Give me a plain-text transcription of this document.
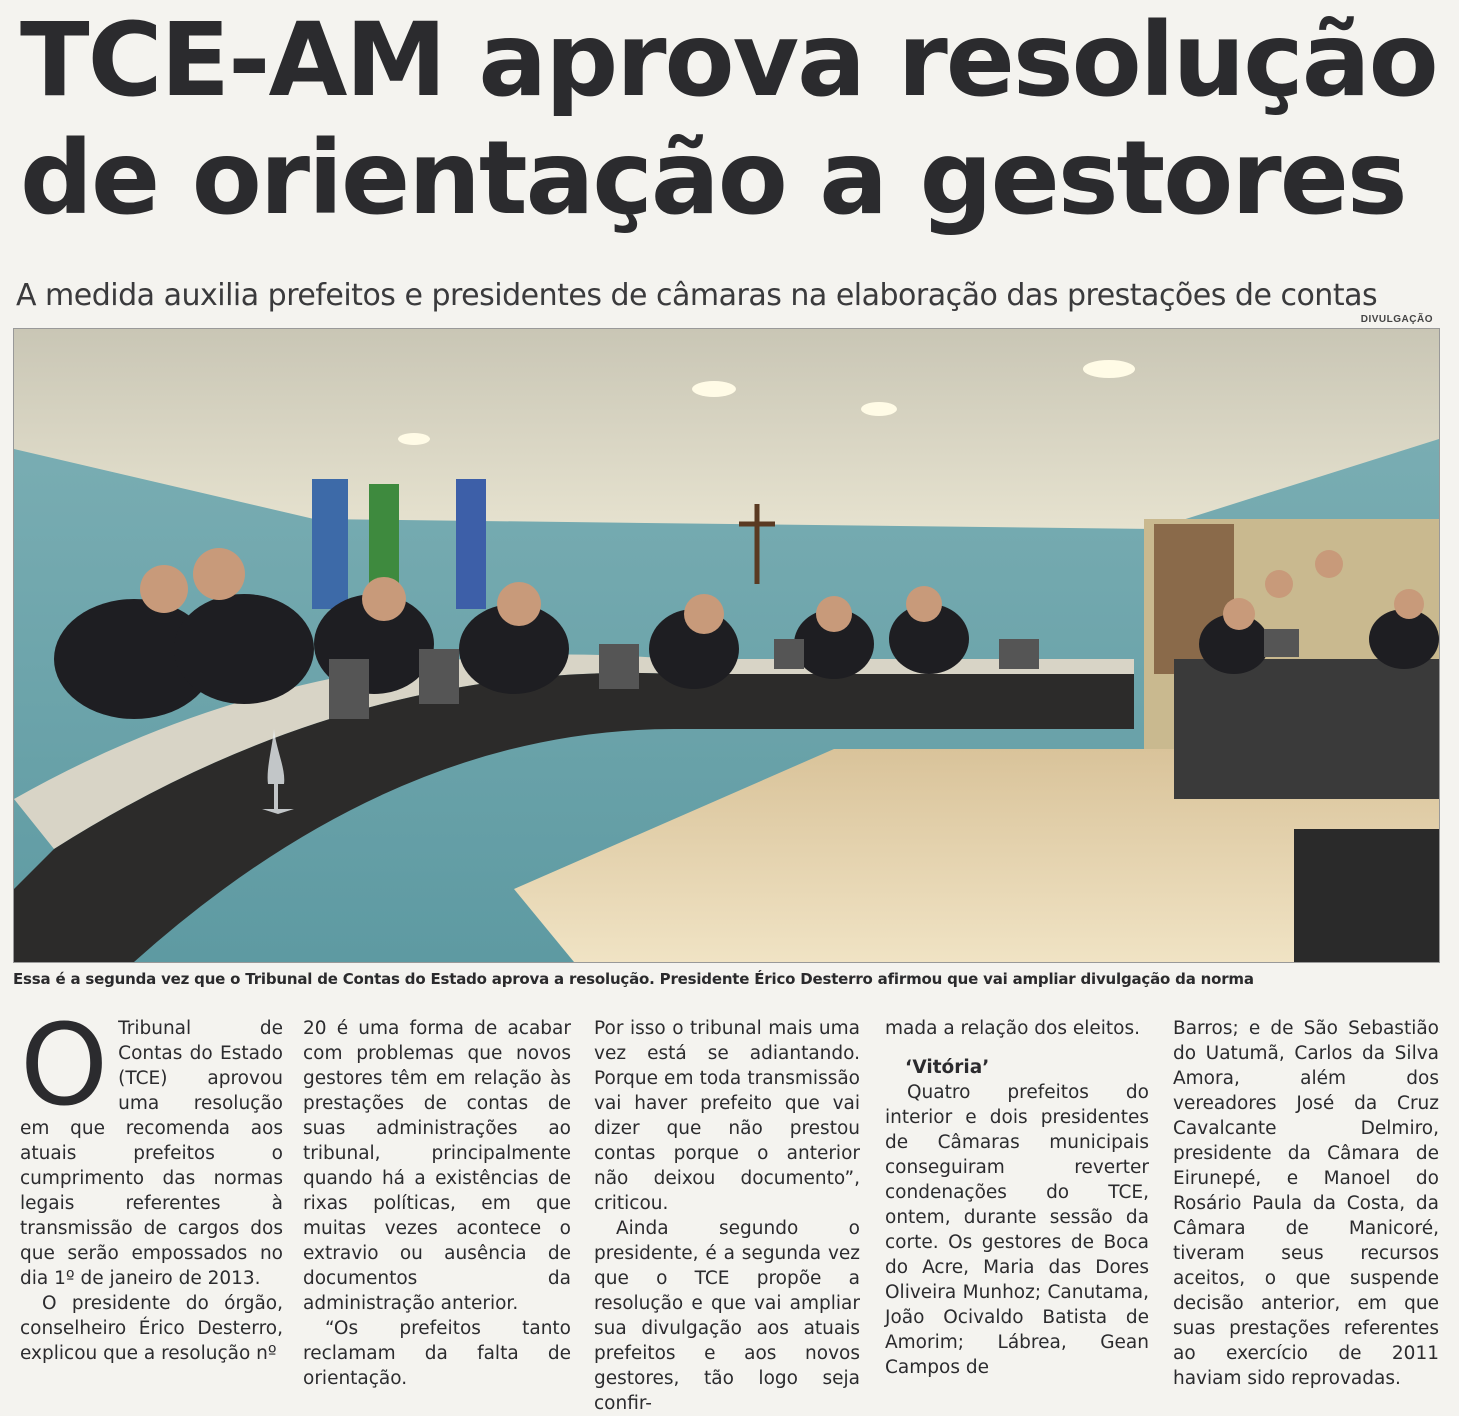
TCE-AM aprova resolução
de orientação a gestores
A medida auxilia prefeitos e presidentes de câmaras na elaboração das prestações de contas
DIVULGAÇÃO
Essa é a segunda vez que o Tribunal de Contas do Estado aprova a resolução. Presidente Érico Desterro afirmou que vai ampliar divulgação da norma
O Tribunal de Contas do Estado (TCE) aprovou uma resolução em que recomenda aos atuais prefeitos o cumprimento das normas legais referentes à transmissão de cargos dos que serão empossados no dia 1º de janeiro de 2013.

O presidente do órgão, conselheiro Érico Desterro, explicou que a resolução nº

20 é uma forma de acabar com problemas que novos gestores têm em relação às prestações de contas de suas administrações ao tribunal, principalmente quando há a existências de rixas políticas, em que muitas vezes acontece o extravio ou ausência de documentos da administração anterior.

“Os prefeitos tanto reclamam da falta de orientação.

Por isso o tribunal mais uma vez está se adiantando. Porque em toda transmissão vai haver prefeito que vai dizer que não prestou contas porque o anterior não deixou documento”, criticou.

Ainda segundo o presidente, é a segunda vez que o TCE propõe a resolução e que vai ampliar sua divulgação aos atuais prefeitos e aos novos gestores, tão logo seja confir-

mada a relação dos eleitos.

‘Vitória’

Quatro prefeitos do interior e dois presidentes de Câmaras municipais conseguiram reverter condenações do TCE, ontem, durante sessão da corte. Os gestores de Boca do Acre, Maria das Dores Oliveira Munhoz; Canutama, João Ocivaldo Batista de Amorim; Lábrea, Gean Campos de

Barros; e de São Sebastião do Uatumã, Carlos da Silva Amora, além dos vereadores José da Cruz Cavalcante Delmiro, presidente da Câmara de Eirunepé, e Manoel do Rosário Paula da Costa, da Câmara de Manicoré, tiveram seus recursos aceitos, o que suspende decisão anterior, em que suas prestações referentes ao exercício de 2011 haviam sido reprovadas.
